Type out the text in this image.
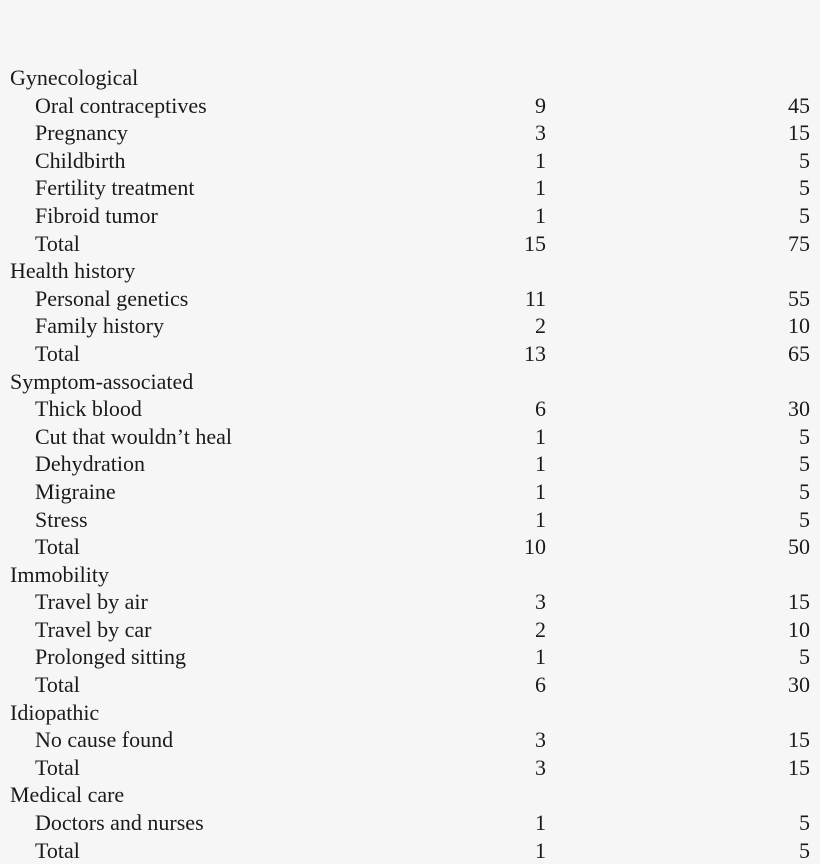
Gynecological
Oral contraceptives	9	45
Pregnancy	3	15
Childbirth	1	5
Fertility treatment	1	5
Fibroid tumor	1	5
Total	15	75
Health history
Personal genetics	11	55
Family history	2	10
Total	13	65
Symptom-associated
Thick blood	6	30
Cut that wouldn’t heal	1	5
Dehydration	1	5
Migraine	1	5
Stress	1	5
Total	10	50
Immobility
Travel by air	3	15
Travel by car	2	10
Prolonged sitting	1	5
Total	6	30
Idiopathic
No cause found	3	15
Total	3	15
Medical care
Doctors and nurses	1	5
Total	1	5
